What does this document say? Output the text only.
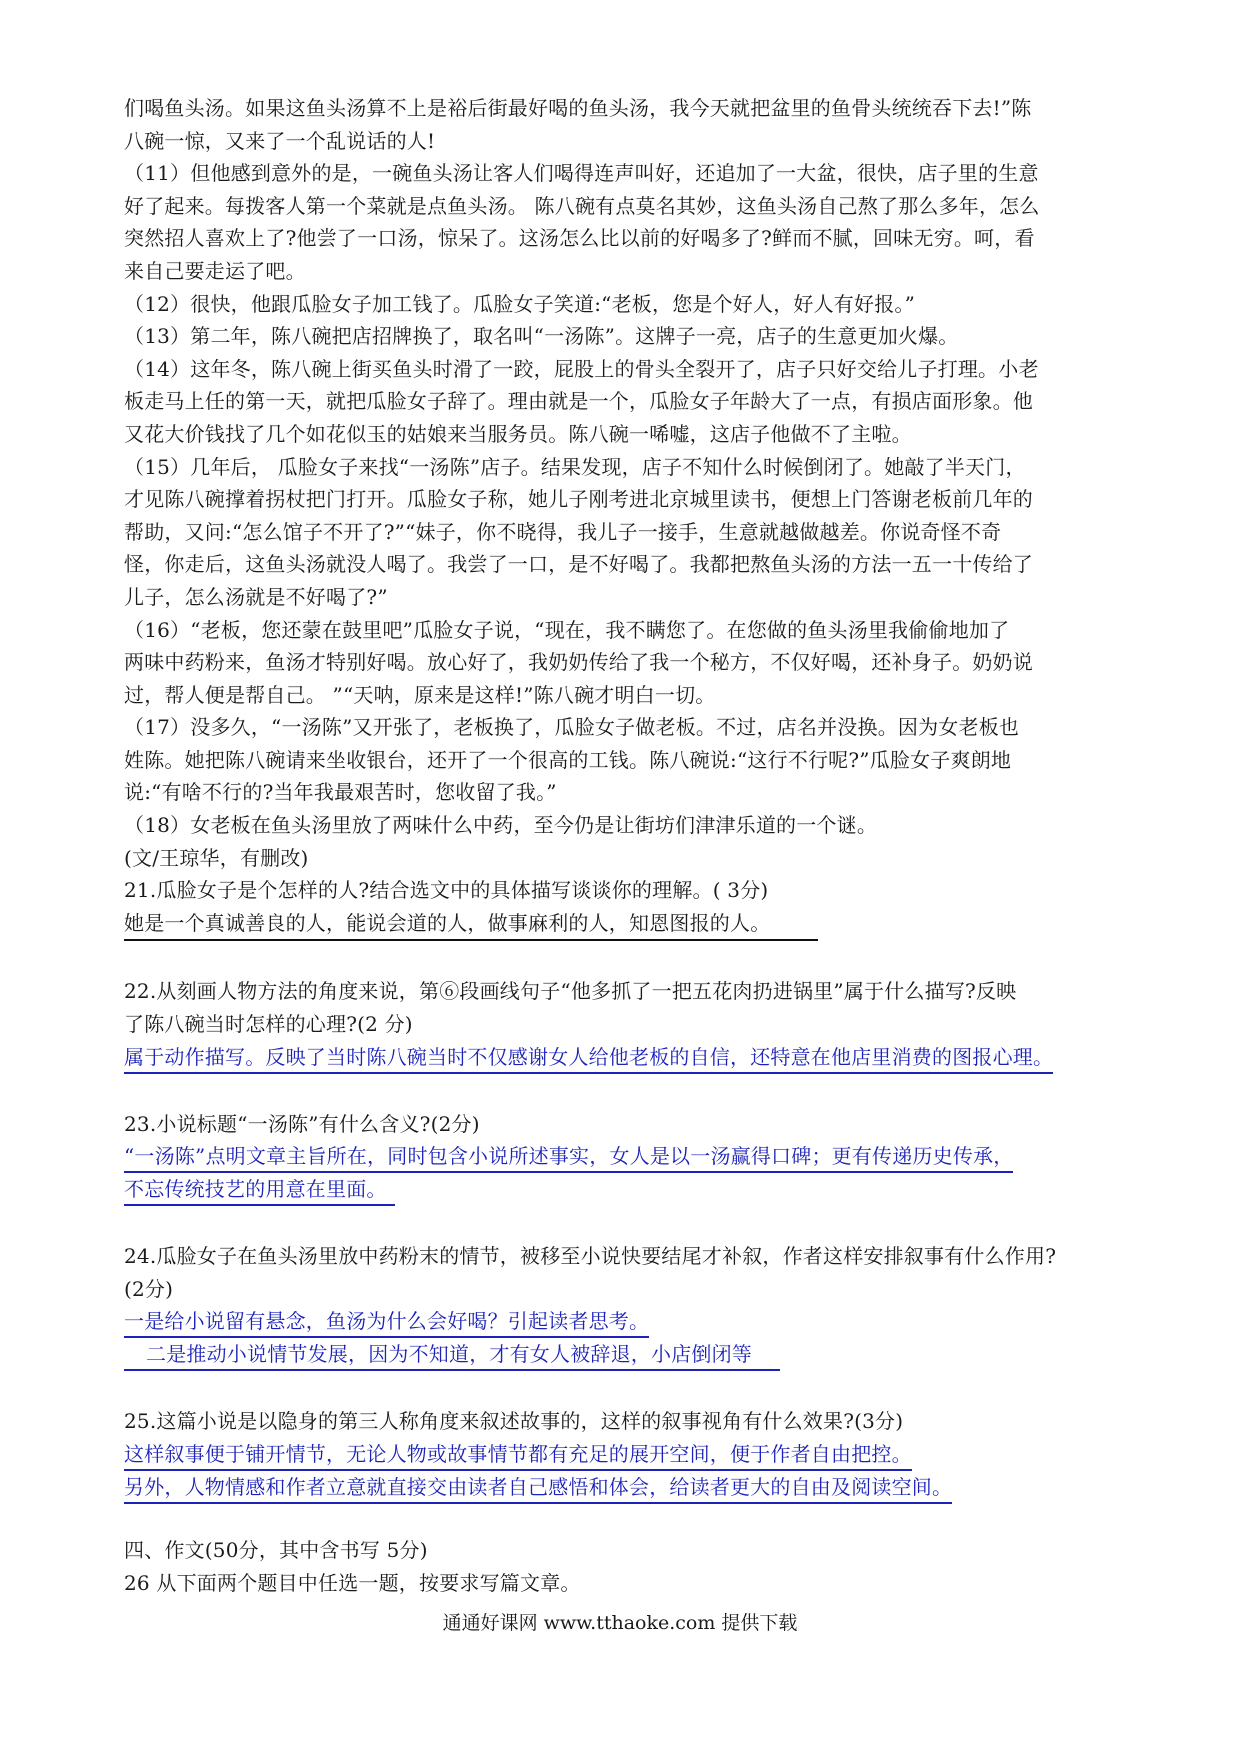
们喝鱼头汤。如果这鱼头汤算不上是裕后街最好喝的鱼头汤，我今天就把盆里的鱼骨头统统吞下去!”陈

八碗一惊，又来了一个乱说话的人!

（11）但他感到意外的是，一碗鱼头汤让客人们喝得连声叫好，还追加了一大盆，很快，店子里的生意

好了起来。每拨客人第一个菜就是点鱼头汤。 陈八碗有点莫名其妙，这鱼头汤自己熬了那么多年，怎么

突然招人喜欢上了?他尝了一口汤，惊呆了。这汤怎么比以前的好喝多了?鲜而不腻，回味无穷。呵，看

来自己要走运了吧。

（12）很快，他跟瓜脸女子加工钱了。瓜脸女子笑道:“老板，您是个好人，好人有好报。”

（13）第二年，陈八碗把店招牌换了，取名叫“一汤陈”。这牌子一亮，店子的生意更加火爆。

（14）这年冬，陈八碗上街买鱼头时滑了一跤，屁股上的骨头全裂开了，店子只好交给儿子打理。小老

板走马上任的第一天，就把瓜脸女子辞了。理由就是一个，瓜脸女子年龄大了一点，有损店面形象。他

又花大价钱找了几个如花似玉的姑娘来当服务员。陈八碗一唏嘘，这店子他做不了主啦。

（15）几年后， 瓜脸女子来找“一汤陈”店子。结果发现，店子不知什么时候倒闭了。她敲了半天门，

才见陈八碗撑着拐杖把门打开。瓜脸女子称，她儿子刚考进北京城里读书，便想上门答谢老板前几年的

帮助，又问:“怎么馆子不开了?”“妹子，你不晓得，我儿子一接手，生意就越做越差。你说奇怪不奇

怪，你走后，这鱼头汤就没人喝了。我尝了一口，是不好喝了。我都把熬鱼头汤的方法一五一十传给了

儿子，怎么汤就是不好喝了?”

（16）“老板，您还蒙在鼓里吧”瓜脸女子说，“现在，我不瞒您了。在您做的鱼头汤里我偷偷地加了

两味中药粉来，鱼汤才特别好喝。放心好了，我奶奶传给了我一个秘方，不仅好喝，还补身子。奶奶说

过，帮人便是帮自己。 ”“天呐，原来是这样!”陈八碗才明白一切。

（17）没多久，“一汤陈”又开张了，老板换了，瓜脸女子做老板。不过，店名并没换。因为女老板也

姓陈。她把陈八碗请来坐收银台，还开了一个很高的工钱。陈八碗说:“这行不行呢?”瓜脸女子爽朗地

说:“有啥不行的?当年我最艰苦时，您收留了我。”

（18）女老板在鱼头汤里放了两味什么中药，至今仍是让街坊们津津乐道的一个谜。

(文/王琼华，有删改)

21.瓜脸女子是个怎样的人?结合选文中的具体描写谈谈你的理解。( 3分)

她是一个真诚善良的人，能说会道的人，做事麻利的人，知恩图报的人。

22.从刻画人物方法的角度来说，第⑥段画线句子“他多抓了一把五花肉扔进锅里”属于什么描写?反映

了陈八碗当时怎样的心理?(2 分)

属于动作描写。反映了当时陈八碗当时不仅感谢女人给他老板的自信，还特意在他店里消费的图报心理。

23.小说标题“一汤陈”有什么含义?(2分)

“一汤陈”点明文章主旨所在，同时包含小说所述事实，女人是以一汤赢得口碑；更有传递历史传承，

不忘传统技艺的用意在里面。

24.瓜脸女子在鱼头汤里放中药粉末的情节，被移至小说快要结尾才补叙，作者这样安排叙事有什么作用?

(2分)

一是给小说留有悬念，鱼汤为什么会好喝？引起读者思考。

二是推动小说情节发展，因为不知道，才有女人被辞退，小店倒闭等

25.这篇小说是以隐身的第三人称角度来叙述故事的，这样的叙事视角有什么效果?(3分)

这样叙事便于铺开情节，无论人物或故事情节都有充足的展开空间，便于作者自由把控。

另外，人物情感和作者立意就直接交由读者自己感悟和体会，给读者更大的自由及阅读空间。

四、作文(50分，其中含书写 5分)

26 从下面两个题目中任选一题，按要求写篇文章。

通通好课网 www.tthaoke.com 提供下载
